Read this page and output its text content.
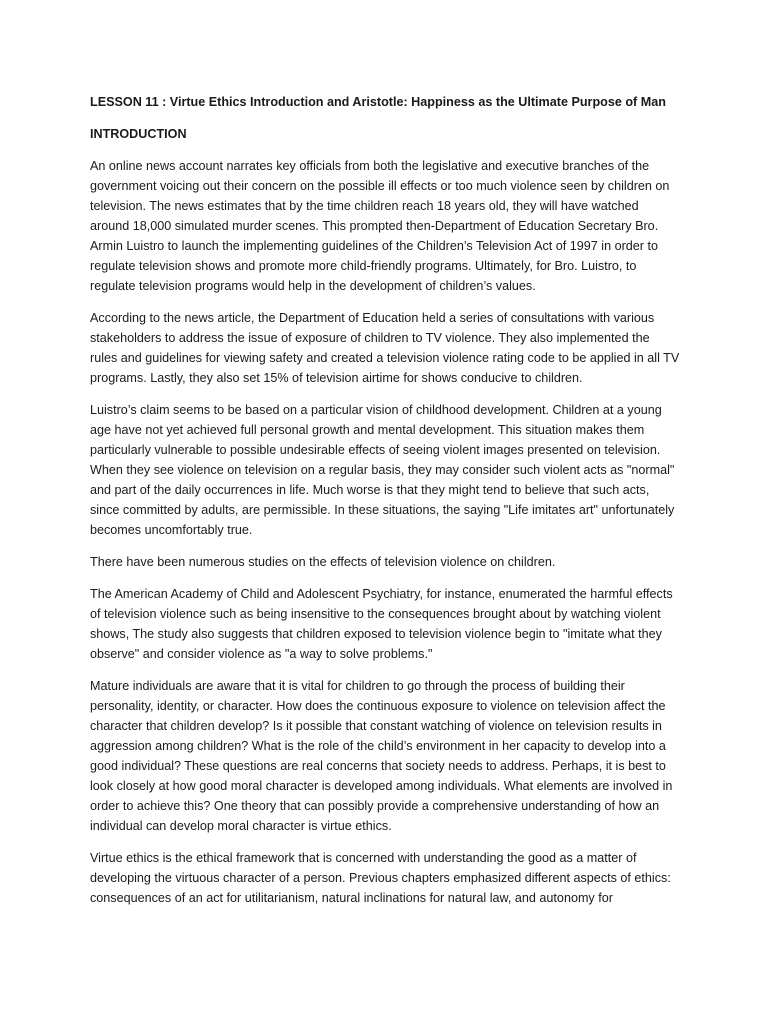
LESSON 11 : Virtue Ethics Introduction and Aristotle: Happiness as the Ultimate Purpose of Man

INTRODUCTION

An online news account narrates key officials from both the legislative and executive branches of the government voicing out their concern on the possible ill effects or too much violence seen by children on television. The news estimates that by the time children reach 18 years old, they will have watched around 18,000 simulated murder scenes. This prompted then-Department of Education Secretary Bro. Armin Luistro to launch the implementing guidelines of the Children’s Television Act of 1997 in order to regulate television shows and promote more child-friendly programs. Ultimately, for Bro. Luistro, to regulate television programs would help in the development of children’s values.

According to the news article, the Department of Education held a series of consultations with various stakeholders to address the issue of exposure of children to TV violence. They also implemented the rules and guidelines for viewing safety and created a television violence rating code to be applied in all TV programs. Lastly, they also set 15% of television airtime for shows conducive to children.

Luistro’s claim seems to be based on a particular vision of childhood development. Children at a young age have not yet achieved full personal growth and mental development. This situation makes them particularly vulnerable to possible undesirable effects of seeing violent images presented on television. When they see violence on television on a regular basis, they may consider such violent acts as "normal" and part of the daily occurrences in life. Much worse is that they might tend to believe that such acts, since committed by adults, are permissible. In these situations, the saying "Life imitates art" unfortunately becomes uncomfortably true.

There have been numerous studies on the effects of television violence on children.

The American Academy of Child and Adolescent Psychiatry, for instance, enumerated the harmful effects of television violence such as being insensitive to the consequences brought about by watching violent shows, The study also suggests that children exposed to television violence begin to "imitate what they observe" and consider violence as "a way to solve problems."

Mature individuals are aware that it is vital for children to go through the process of building their personality, identity, or character. How does the continuous exposure to violence on television affect the character that children develop? Is it possible that constant watching of violence on television results in aggression among children? What is the role of the child’s environment in her capacity to develop into a good individual? These questions are real concerns that society needs to address. Perhaps, it is best to look closely at how good moral character is developed among individuals. What elements are involved in order to achieve this? One theory that can possibly provide a comprehensive understanding of how an individual can develop moral character is virtue ethics.

Virtue ethics is the ethical framework that is concerned with understanding the good as a matter of developing the virtuous character of a person. Previous chapters emphasized different aspects of ethics: consequences of an act for utilitarianism, natural inclinations for natural law, and autonomy for
